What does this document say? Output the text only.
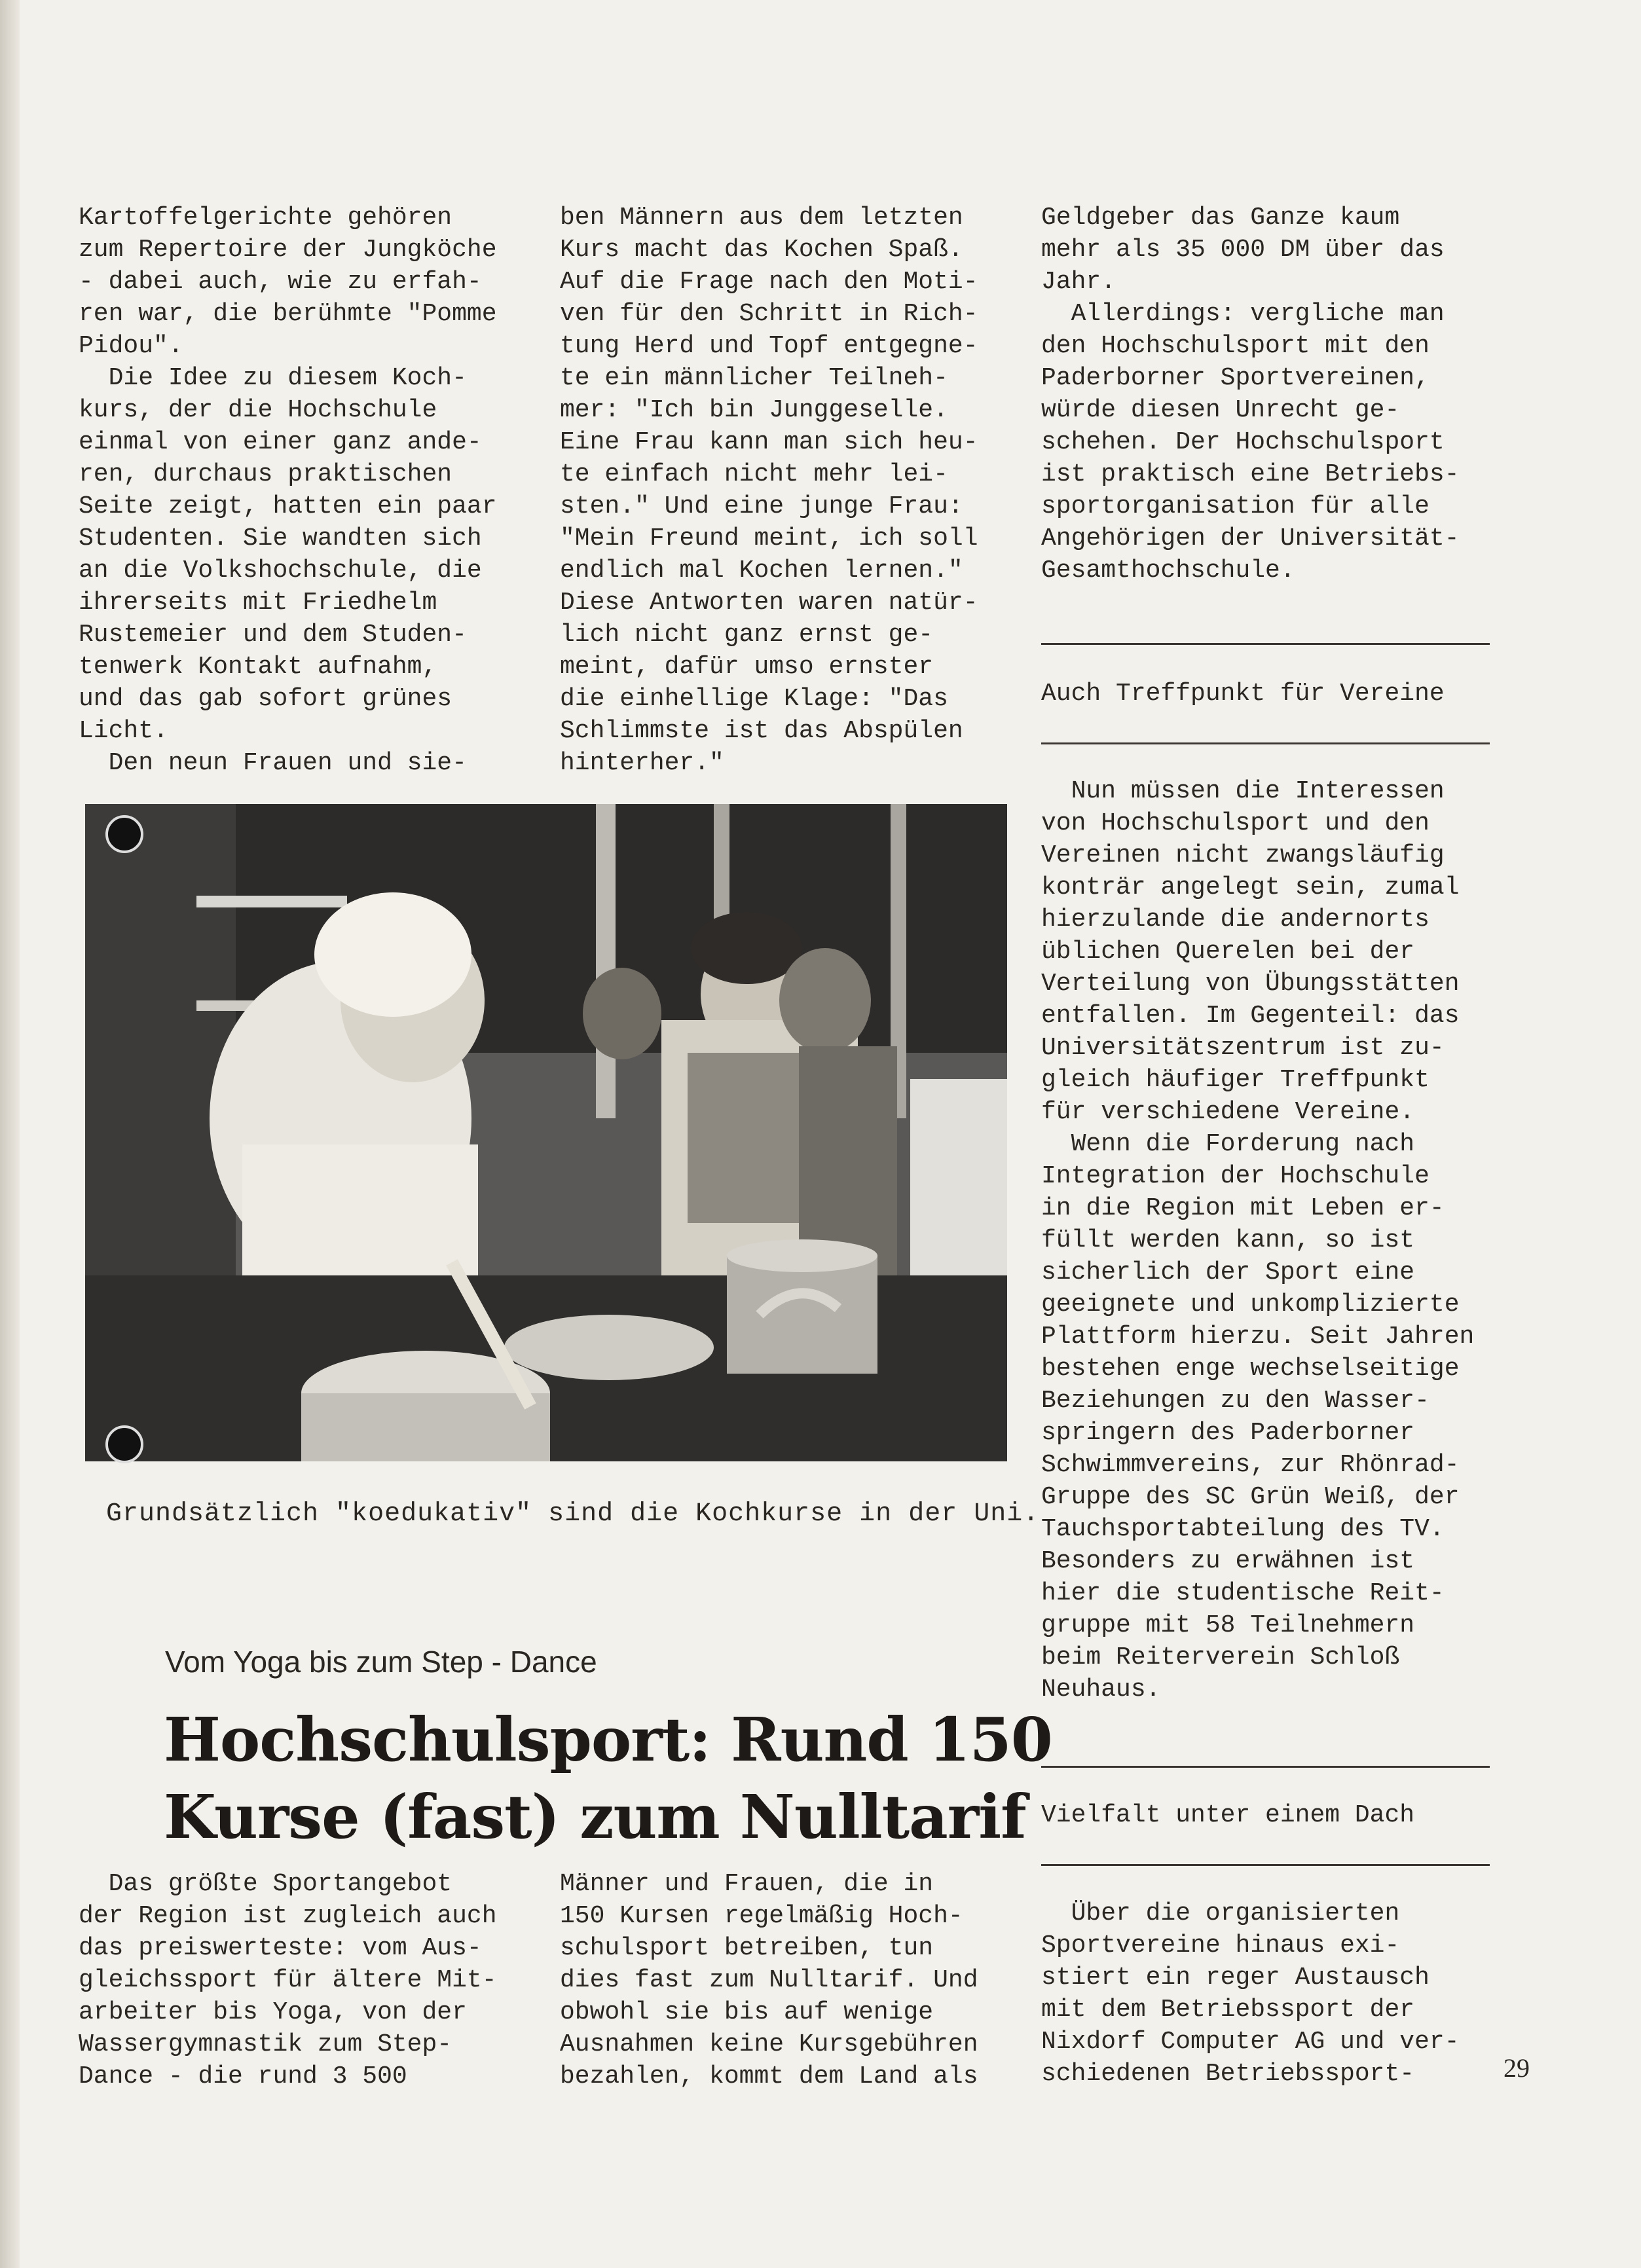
Kartoffelgerichte gehören

zum Repertoire der Jungköche

- dabei auch, wie zu erfah-

ren war, die berühmte "Pomme

Pidou".

Die Idee zu diesem Koch-

kurs, der die Hochschule

einmal von einer ganz ande-

ren, durchaus praktischen

Seite zeigt, hatten ein paar

Studenten. Sie wandten sich

an die Volkshochschule, die

ihrerseits mit Friedhelm

Rustemeier und dem Studen-

tenwerk Kontakt aufnahm,

und das gab sofort grünes

Licht.

Den neun Frauen und sie-

ben Männern aus dem letzten

Kurs macht das Kochen Spaß.

Auf die Frage nach den Moti-

ven für den Schritt in Rich-

tung Herd und Topf entgegne-

te ein männlicher Teilneh-

mer: "Ich bin Junggeselle.

Eine Frau kann man sich heu-

te einfach nicht mehr lei-

sten." Und eine junge Frau:

"Mein Freund meint, ich soll

endlich mal Kochen lernen."

Diese Antworten waren natür-

lich nicht ganz ernst ge-

meint, dafür umso ernster

die einhellige Klage: "Das

Schlimmste ist das Abspülen

hinterher."

Geldgeber das Ganze kaum

mehr als 35 000 DM über das

Jahr.

Allerdings: vergliche man

den Hochschulsport mit den

Paderborner Sportvereinen,

würde diesen Unrecht ge-

schehen. Der Hochschulsport

ist praktisch eine Betriebs-

sportorganisation für alle

Angehörigen der Universität-

Gesamthochschule.

Auch Treffpunkt für Vereine

Nun müssen die Interessen

von Hochschulsport und den

Vereinen nicht zwangsläufig

konträr angelegt sein, zumal

hierzulande die andernorts

üblichen Querelen bei der

Verteilung von Übungsstätten

entfallen. Im Gegenteil: das

Universitätszentrum ist zu-

gleich häufiger Treffpunkt

für verschiedene Vereine.

Wenn die Forderung nach

Integration der Hochschule

in die Region mit Leben er-

füllt werden kann, so ist

sicherlich der Sport eine

geeignete und unkomplizierte

Plattform hierzu. Seit Jahren

bestehen enge wechselseitige

Beziehungen zu den Wasser-

springern des Paderborner

Schwimmvereins, zur Rhönrad-

Gruppe des SC Grün Weiß, der

Tauchsportabteilung des TV.

Besonders zu erwähnen ist

hier die studentische Reit-

gruppe mit 58 Teilnehmern

beim Reiterverein Schloß

Neuhaus.

Vielfalt unter einem Dach

Über die organisierten

Sportvereine hinaus exi-

stiert ein reger Austausch

mit dem Betriebssport der

Nixdorf Computer AG und ver-

schiedenen Betriebssport-

Grundsätzlich "koedukativ" sind die Kochkurse in der Uni.
Vom Yoga bis zum Step - Dance
Hochschulsport: Rund 150
Kurse (fast) zum Nulltarif

Das größte Sportangebot

der Region ist zugleich auch

das preiswerteste: vom Aus-

gleichssport für ältere Mit-

arbeiter bis Yoga, von der

Wassergymnastik zum Step-

Dance - die rund 3 500

Männer und Frauen, die in

150 Kursen regelmäßig Hoch-

schulsport betreiben, tun

dies fast zum Nulltarif. Und

obwohl sie bis auf wenige

Ausnahmen keine Kursgebühren

bezahlen, kommt dem Land als	29
